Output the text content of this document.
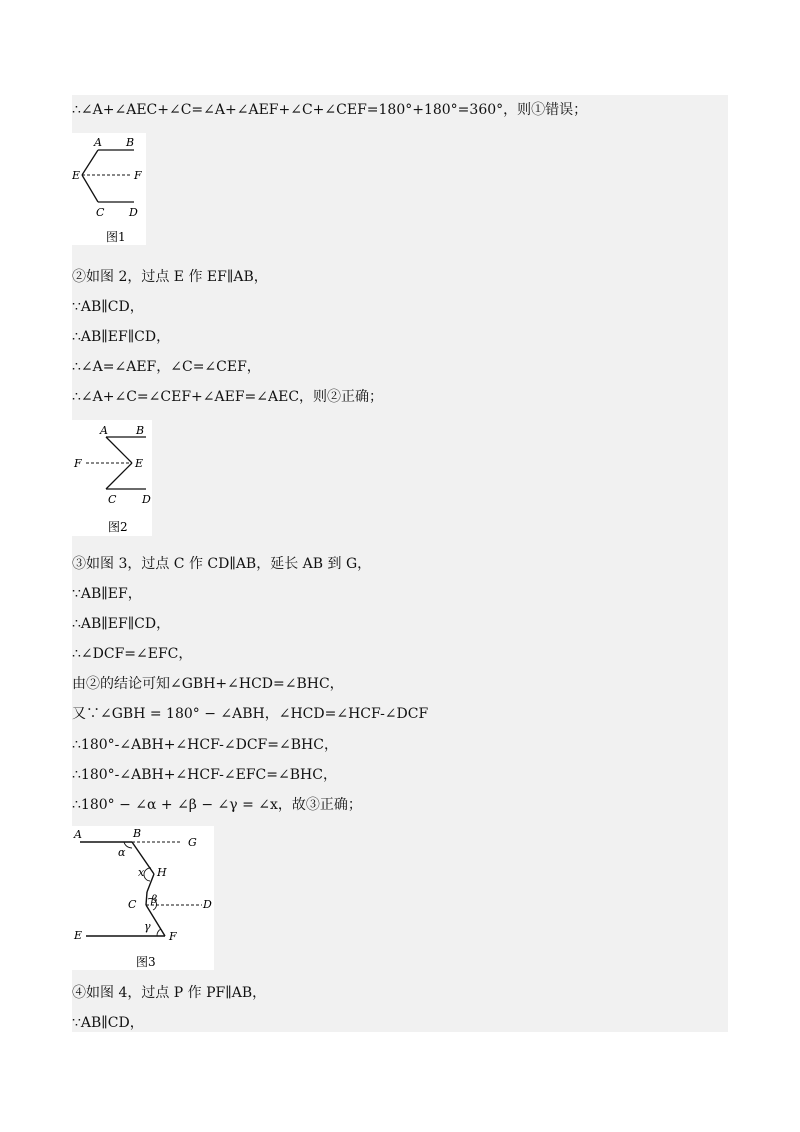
∴∠A+∠AEC+∠C=∠A+∠AEF+∠C+∠CEF=180°+180°=360°，则①错误；
A B
E	F
C D
图1
②如图 2，过点 E 作 EF∥AB，
∵AB∥CD，
∴AB∥EF∥CD，
∴∠A=∠AEF，∠C=∠CEF，
∴∠A+∠C=∠CEF+∠AEF=∠AEC，则②正确；
A	B
F	E
C D
图2
③如图 3，过点 C 作 CD∥AB，延长 AB 到 G，
∵AB∥EF，
∴AB∥EF∥CD，
∴∠DCF=∠EFC，
由②的结论可知∠GBH+∠HCD=∠BHC，
又∵∠GBH = 180° − ∠ABH，∠HCD=∠HCF-∠DCF
∴180°-∠ABH+∠HCF-∠DCF=∠BHC，
∴180°-∠ABH+∠HCF-∠EFC=∠BHC，
∴180° − ∠α + ∠β − ∠γ = ∠x，故③正确；
A	B
G
α
x H
D
C β
E
γ
F
图3
④如图 4，过点 P 作 PF∥AB，
∵AB∥CD，
